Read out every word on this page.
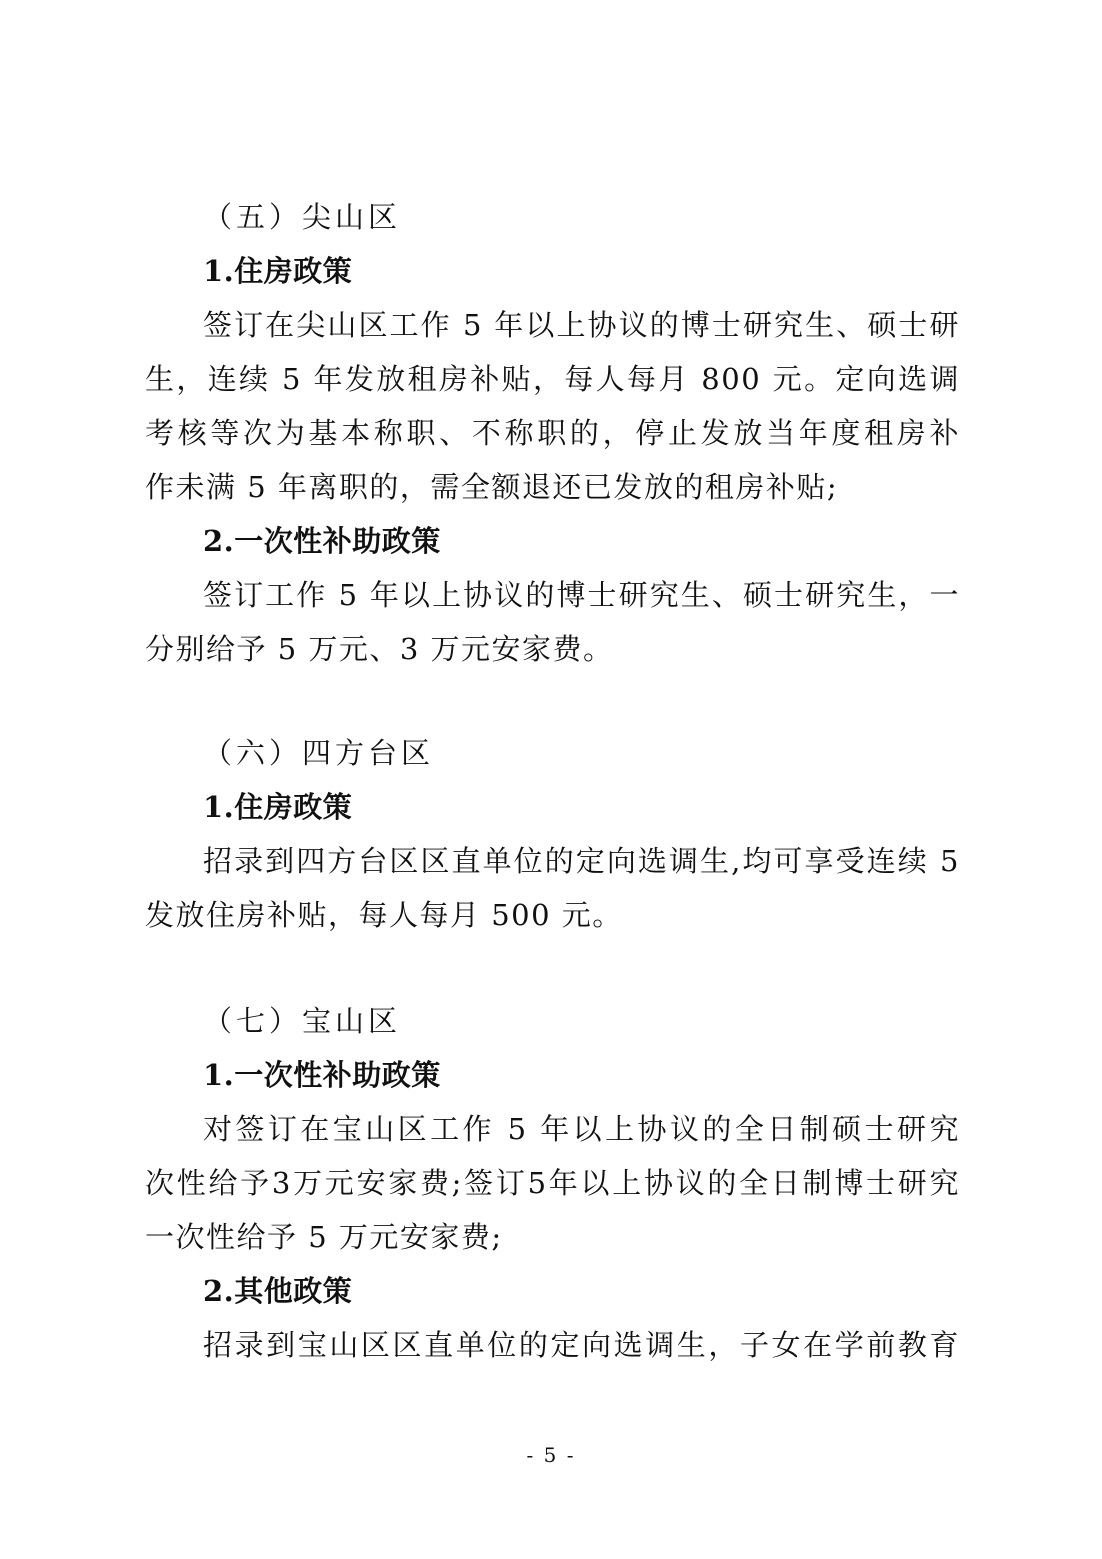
（五）尖山区
1.住房政策
签订在尖山区工作 5 年以上协议的博士研究生、硕士研
生，连续 5 年发放租房补贴，每人每月 800 元。定向选调
考核等次为基本称职、不称职的，停止发放当年度租房补
作未满 5 年离职的，需全额退还已发放的租房补贴;
2.一次性补助政策
签订工作 5 年以上协议的博士研究生、硕士研究生，一
分别给予 5 万元、3 万元安家费。
（六）四方台区
1.住房政策
招录到四方台区区直单位的定向选调生,均可享受连续 5
发放住房补贴，每人每月 500 元。
（七）宝山区
1.一次性补助政策
对签订在宝山区工作 5 年以上协议的全日制硕士研究
次性给予3万元安家费;签订5年以上协议的全日制博士研究
一次性给予 5 万元安家费;
2.其他政策
招录到宝山区区直单位的定向选调生，子女在学前教育
- 5 -
